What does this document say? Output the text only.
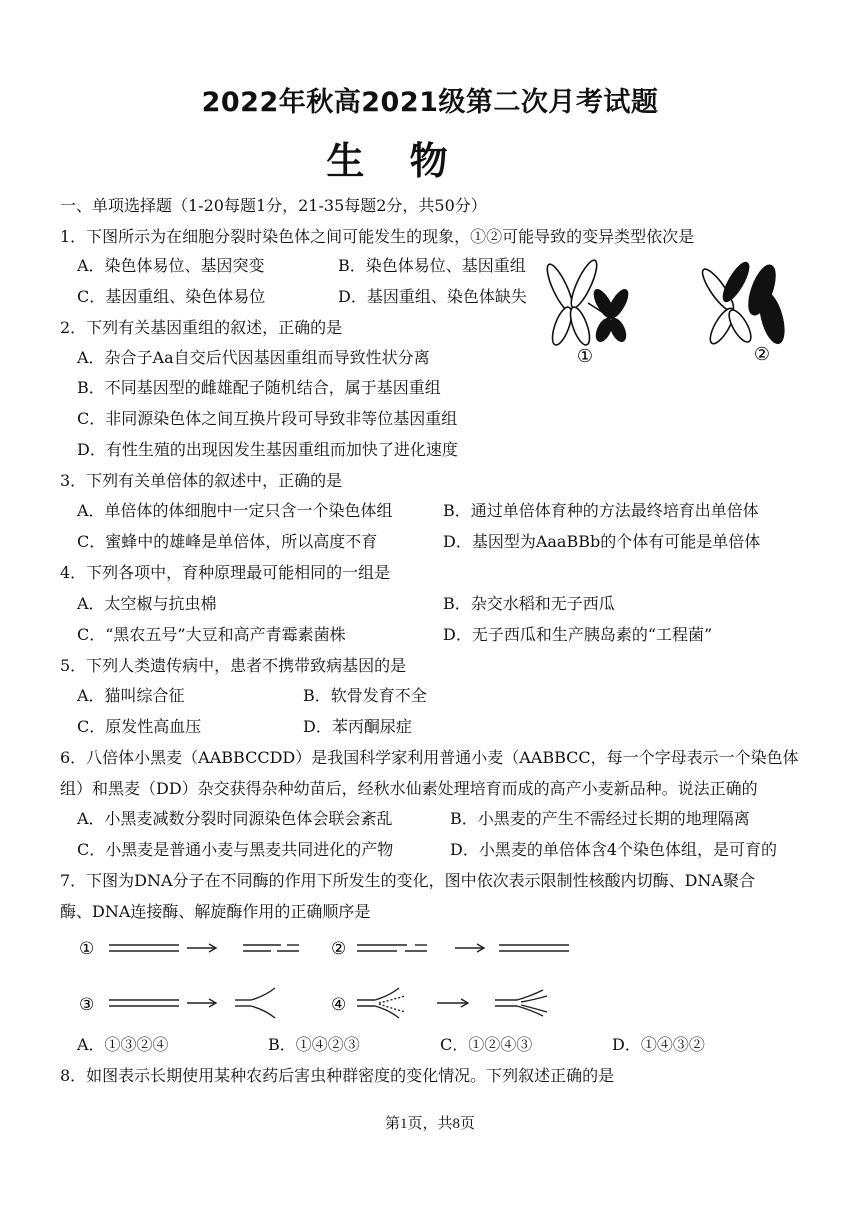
2022年秋高2021级第二次月考试题
生 物
一、单项选择题（1-20每题1分，21-35每题2分，共50分）
1．下图所示为在细胞分裂时染色体之间可能发生的现象，①②可能导致的变异类型依次是
A．染色体易位、基因突变	B．染色体易位、基因重组
C．基因重组、染色体易位	D．基因重组、染色体缺失
①	②
2．下列有关基因重组的叙述，正确的是
A．杂合子Aa自交后代因基因重组而导致性状分离
B．不同基因型的雌雄配子随机结合，属于基因重组
C．非同源染色体之间互换片段可导致非等位基因重组
D．有性生殖的出现因发生基因重组而加快了进化速度
3．下列有关单倍体的叙述中，正确的是
A．单倍体的体细胞中一定只含一个染色体组	B．通过单倍体育种的方法最终培育出单倍体
C．蜜蜂中的雄峰是单倍体，所以高度不育	D．基因型为AaaBBb的个体有可能是单倍体
4．下列各项中，育种原理最可能相同的一组是
A．太空椒与抗虫棉	B．杂交水稻和无子西瓜
C．“黑农五号”大豆和高产青霉素菌株	D．无子西瓜和生产胰岛素的“工程菌”
5．下列人类遗传病中，患者不携带致病基因的是
A．猫叫综合征	B．软骨发育不全
C．原发性高血压	D．苯丙酮尿症
6．八倍体小黑麦（AABBCCDD）是我国科学家利用普通小麦（AABBCC，每一个字母表示一个染色体
组）和黑麦（DD）杂交获得杂种幼苗后，经秋水仙素处理培育而成的高产小麦新品种。说法正确的
A．小黑麦减数分裂时同源染色体会联会紊乱	B．小黑麦的产生不需经过长期的地理隔离
C．小黑麦是普通小麦与黑麦共同进化的产物	D．小黑麦的单倍体含4个染色体组，是可育的
7．下图为DNA分子在不同酶的作用下所发生的变化，图中依次表示限制性核酸内切酶、DNA聚合
酶、DNA连接酶、解旋酶作用的正确顺序是
①	②
③	④
A．①③②④	B．①④②③	C．①②④③	D．①④③②
8．如图表示长期使用某种农药后害虫种群密度的变化情况。下列叙述正确的是
第1页，共8页
